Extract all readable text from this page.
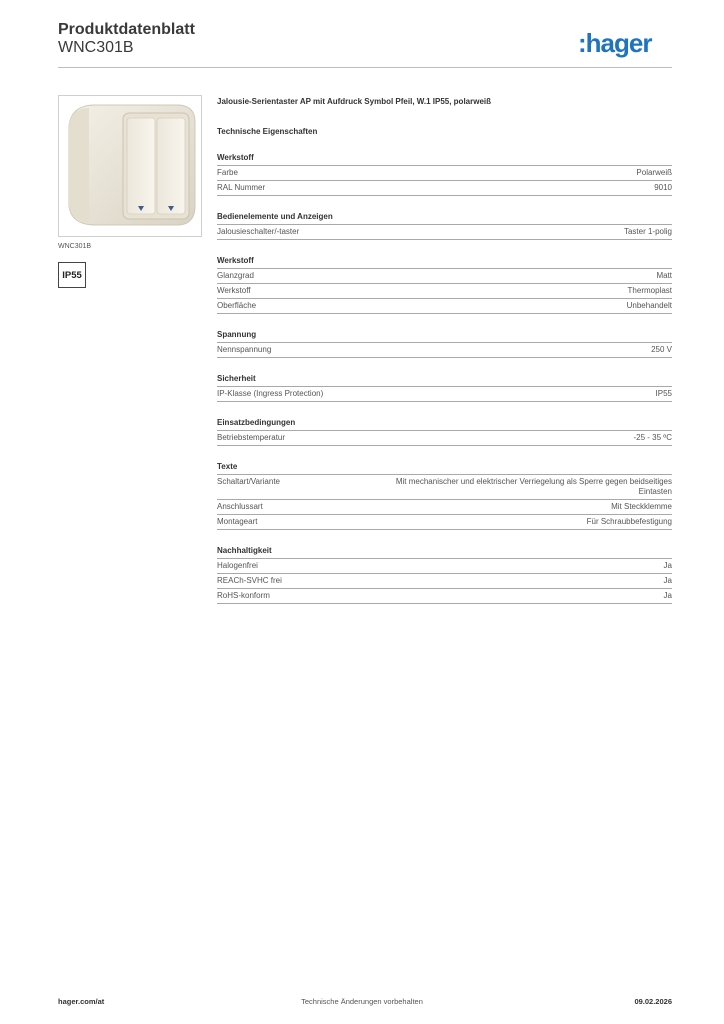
Produktdatenblatt
WNC301B	:hager
WNC301B
IP55
Jalousie-Serientaster AP mit Aufdruck Symbol Pfeil, W.1 IP55, polarweiß
Technische Eigenschaften
Werkstoff
Farbe	Polarweiß
RAL Nummer	9010
Bedienelemente und Anzeigen
Jalousieschalter/-taster	Taster 1-polig
Werkstoff
Glanzgrad	Matt
Werkstoff	Thermoplast
Oberfläche	Unbehandelt
Spannung
Nennspannung	250 V
Sicherheit
IP-Klasse (Ingress Protection)	IP55
Einsatzbedingungen
Betriebstemperatur	-25 - 35 ºC
Texte
Schaltart/Variante	Mit mechanischer und elektrischer Verriegelung als Sperre gegen beidseitiges Eintasten
Anschlussart	Mit Steckklemme
Montageart	Für Schraubbefestigung
Nachhaltigkeit
Halogenfrei	Ja
REACh-SVHC frei	Ja
RoHS-konform	Ja
hager.com/at	Technische Änderungen vorbehalten	09.02.2026
